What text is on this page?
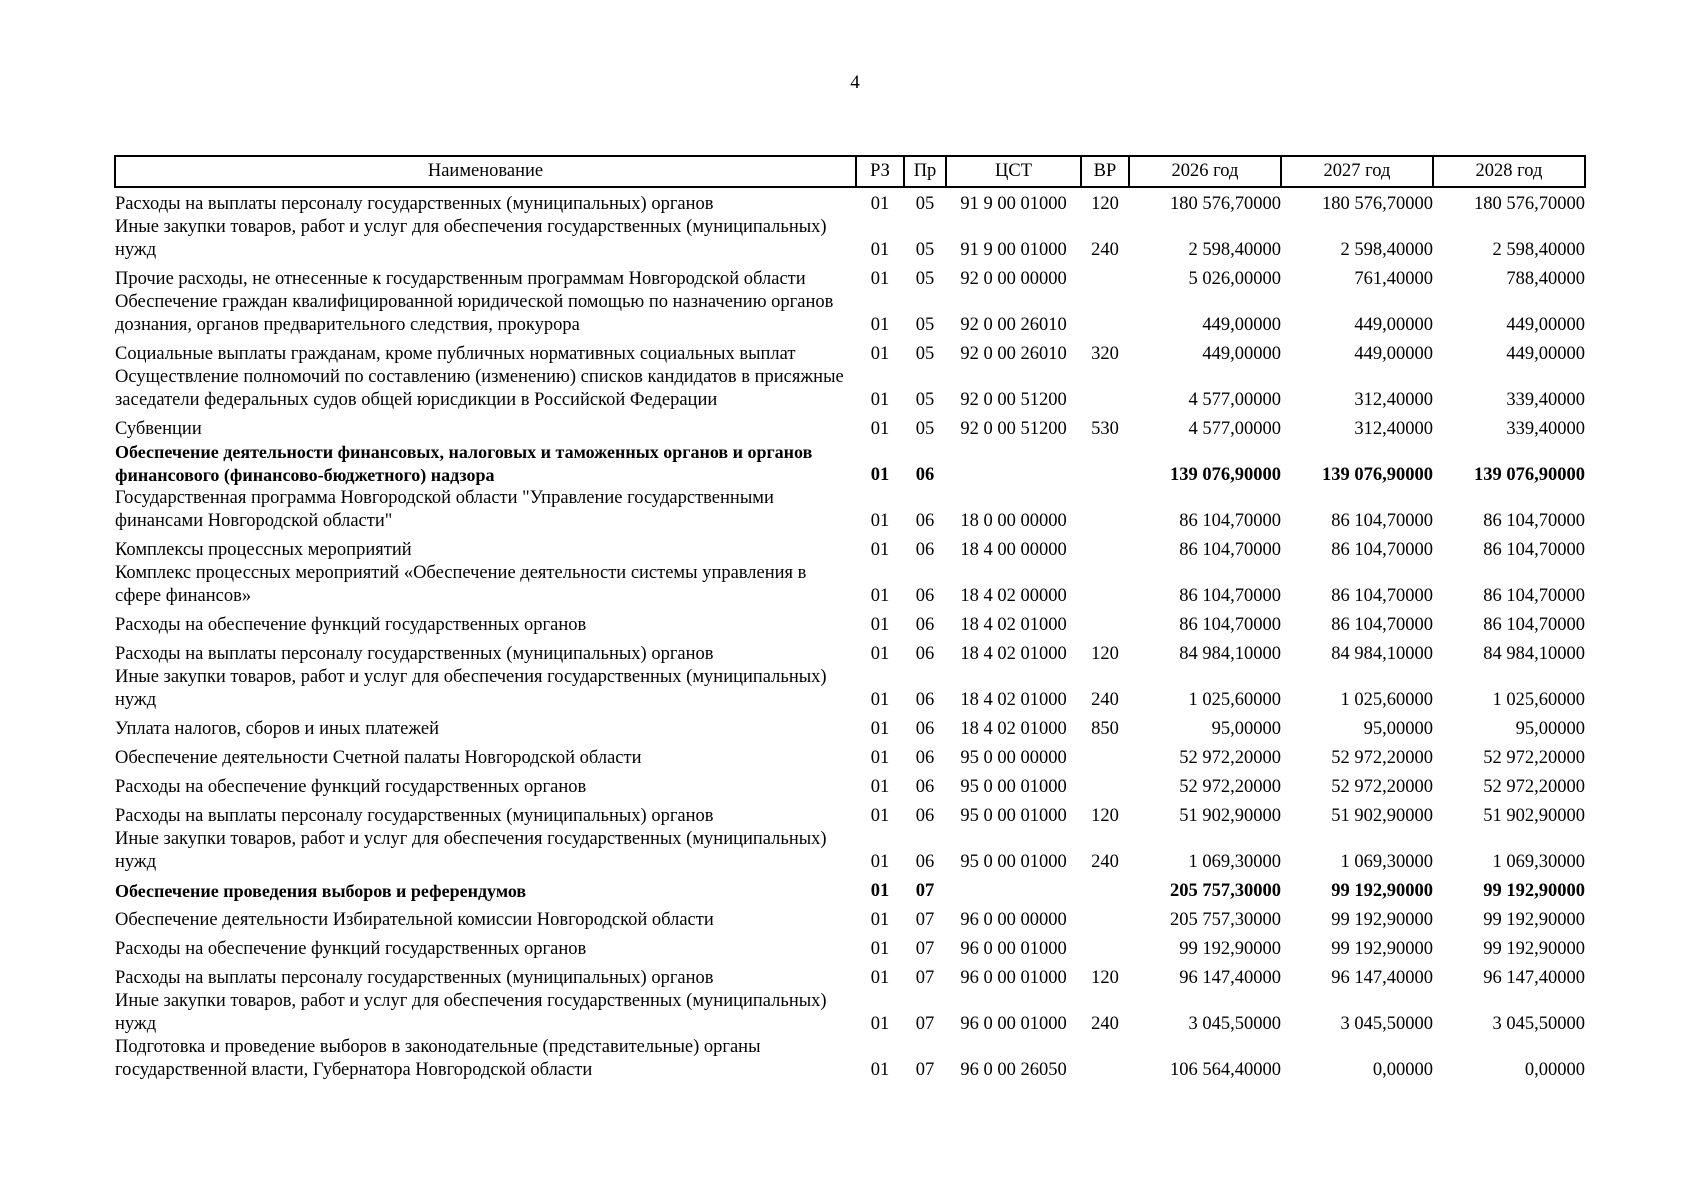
4
Наименование	РЗ	Пр	ЦСТ	ВР	2026 год	2027 год	2028 год
Расходы на выплаты персоналу государственных (муниципальных) органов	01	05	91 9 00 01000	120	180 576,70000	180 576,70000	180 576,70000
Иные закупки товаров, работ и услуг для обеспечения государственных (муниципальных) нужд	01	05	91 9 00 01000	240	2 598,40000	2 598,40000	2 598,40000
Прочие расходы, не отнесенные к государственным программам Новгородской области	01	05	92 0 00 00000		5 026,00000	761,40000	788,40000
Обеспечение граждан квалифицированной юридической помощью по назначению органов дознания, органов предварительного следствия, прокурора	01	05	92 0 00 26010		449,00000	449,00000	449,00000
Социальные выплаты гражданам, кроме публичных нормативных социальных выплат	01	05	92 0 00 26010	320	449,00000	449,00000	449,00000
Осуществление полномочий по составлению (изменению) списков кандидатов в присяжные заседатели федеральных судов общей юрисдикции в Российской Федерации	01	05	92 0 00 51200		4 577,00000	312,40000	339,40000
Субвенции	01	05	92 0 00 51200	530	4 577,00000	312,40000	339,40000
Обеспечение деятельности финансовых, налоговых и таможенных органов и органов финансового (финансово-бюджетного) надзора	01	06			139 076,90000	139 076,90000	139 076,90000
Государственная программа Новгородской области "Управление государственными финансами Новгородской области"	01	06	18 0 00 00000		86 104,70000	86 104,70000	86 104,70000
Комплексы процессных мероприятий	01	06	18 4 00 00000		86 104,70000	86 104,70000	86 104,70000
Комплекс процессных мероприятий «Обеспечение деятельности системы управления в сфере финансов»	01	06	18 4 02 00000		86 104,70000	86 104,70000	86 104,70000
Расходы на обеспечение функций государственных органов	01	06	18 4 02 01000		86 104,70000	86 104,70000	86 104,70000
Расходы на выплаты персоналу государственных (муниципальных) органов	01	06	18 4 02 01000	120	84 984,10000	84 984,10000	84 984,10000
Иные закупки товаров, работ и услуг для обеспечения государственных (муниципальных) нужд	01	06	18 4 02 01000	240	1 025,60000	1 025,60000	1 025,60000
Уплата налогов, сборов и иных платежей	01	06	18 4 02 01000	850	95,00000	95,00000	95,00000
Обеспечение деятельности Счетной палаты Новгородской области	01	06	95 0 00 00000		52 972,20000	52 972,20000	52 972,20000
Расходы на обеспечение функций государственных органов	01	06	95 0 00 01000		52 972,20000	52 972,20000	52 972,20000
Расходы на выплаты персоналу государственных (муниципальных) органов	01	06	95 0 00 01000	120	51 902,90000	51 902,90000	51 902,90000
Иные закупки товаров, работ и услуг для обеспечения государственных (муниципальных) нужд	01	06	95 0 00 01000	240	1 069,30000	1 069,30000	1 069,30000
Обеспечение проведения выборов и референдумов	01	07			205 757,30000	99 192,90000	99 192,90000
Обеспечение деятельности Избирательной комиссии Новгородской области	01	07	96 0 00 00000		205 757,30000	99 192,90000	99 192,90000
Расходы на обеспечение функций государственных органов	01	07	96 0 00 01000		99 192,90000	99 192,90000	99 192,90000
Расходы на выплаты персоналу государственных (муниципальных) органов	01	07	96 0 00 01000	120	96 147,40000	96 147,40000	96 147,40000
Иные закупки товаров, работ и услуг для обеспечения государственных (муниципальных) нужд	01	07	96 0 00 01000	240	3 045,50000	3 045,50000	3 045,50000
Подготовка и проведение выборов в законодательные (представительные) органы государственной власти, Губернатора Новгородской области	01	07	96 0 00 26050		106 564,40000	0,00000	0,00000
